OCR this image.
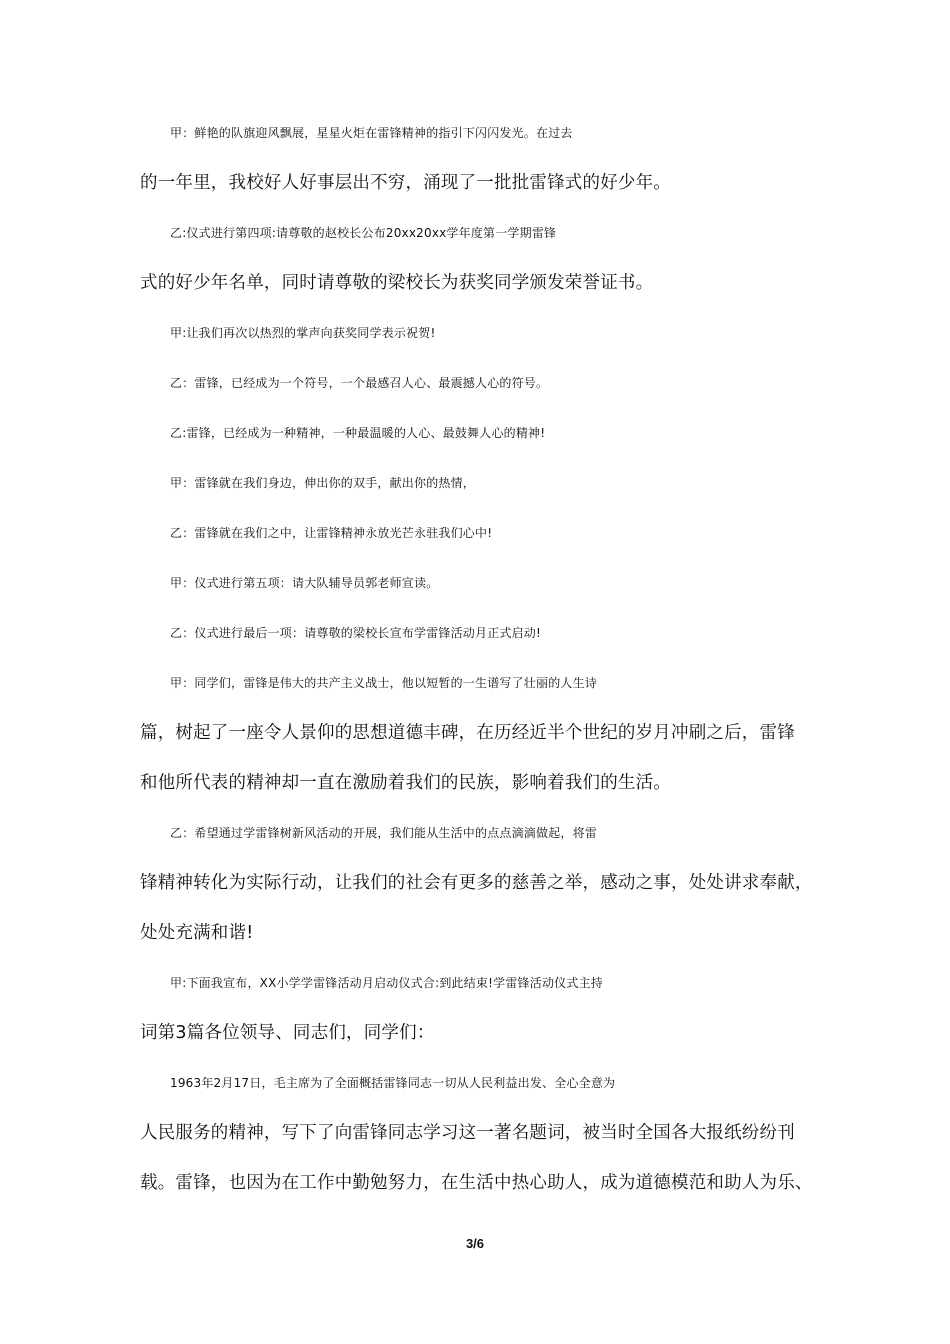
甲：鲜艳的队旗迎风飘展，星星火炬在雷锋精神的指引下闪闪发光。在过去
的一年里，我校好人好事层出不穷，涌现了一批批雷锋式的好少年。
乙:仪式进行第四项:请尊敬的赵校长公布20xx20xx学年度第一学期雷锋
式的好少年名单，同时请尊敬的梁校长为获奖同学颁发荣誉证书。
甲:让我们再次以热烈的掌声向获奖同学表示祝贺!
乙：雷锋，已经成为一个符号，一个最感召人心、最震撼人心的符号。
乙:雷锋，已经成为一种精神，一种最温暖的人心、最鼓舞人心的精神!
甲：雷锋就在我们身边，伸出你的双手，献出你的热情，
乙：雷锋就在我们之中，让雷锋精神永放光芒永驻我们心中!
甲：仪式进行第五项：请大队辅导员郭老师宣读。
乙：仪式进行最后一项：请尊敬的梁校长宣布学雷锋活动月正式启动!
甲：同学们，雷锋是伟大的共产主义战士，他以短暂的一生谱写了壮丽的人生诗
篇，树起了一座令人景仰的思想道德丰碑，在历经近半个世纪的岁月冲刷之后，雷锋
和他所代表的精神却一直在激励着我们的民族，影响着我们的生活。
乙：希望通过学雷锋树新风活动的开展，我们能从生活中的点点滴滴做起，将雷
锋精神转化为实际行动，让我们的社会有更多的慈善之举，感动之事，处处讲求奉献，
处处充满和谐!
甲:下面我宣布，XX小学学雷锋活动月启动仪式合:到此结束!学雷锋活动仪式主持
词第3篇各位领导、同志们，同学们：
1963年2月17日，毛主席为了全面概括雷锋同志一切从人民利益出发、全心全意为
人民服务的精神，写下了向雷锋同志学习这一著名题词，被当时全国各大报纸纷纷刊
载。雷锋，也因为在工作中勤勉努力，在生活中热心助人，成为道德模范和助人为乐、
3/6
